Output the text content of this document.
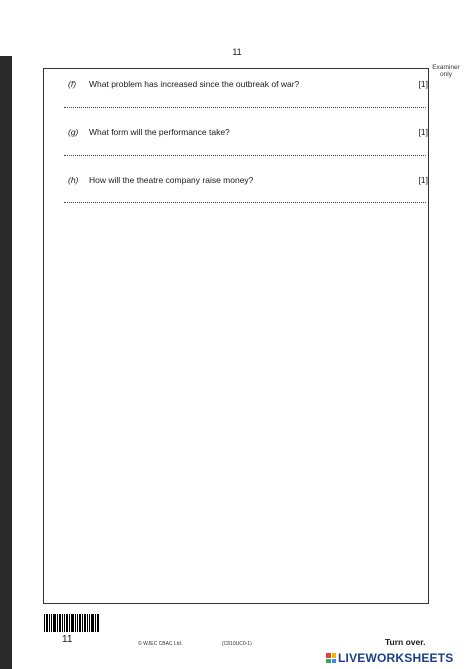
11
Examiner only
(f) What problem has increased since the outbreak of war?	[1]
(g) What form will the performance take?	[1]
(h) How will the theatre company raise money?	[1]
11	© WJEC CBAC Ltd.	(C810UC0-1)	Turn over.
LIVEWORKSHEETS
